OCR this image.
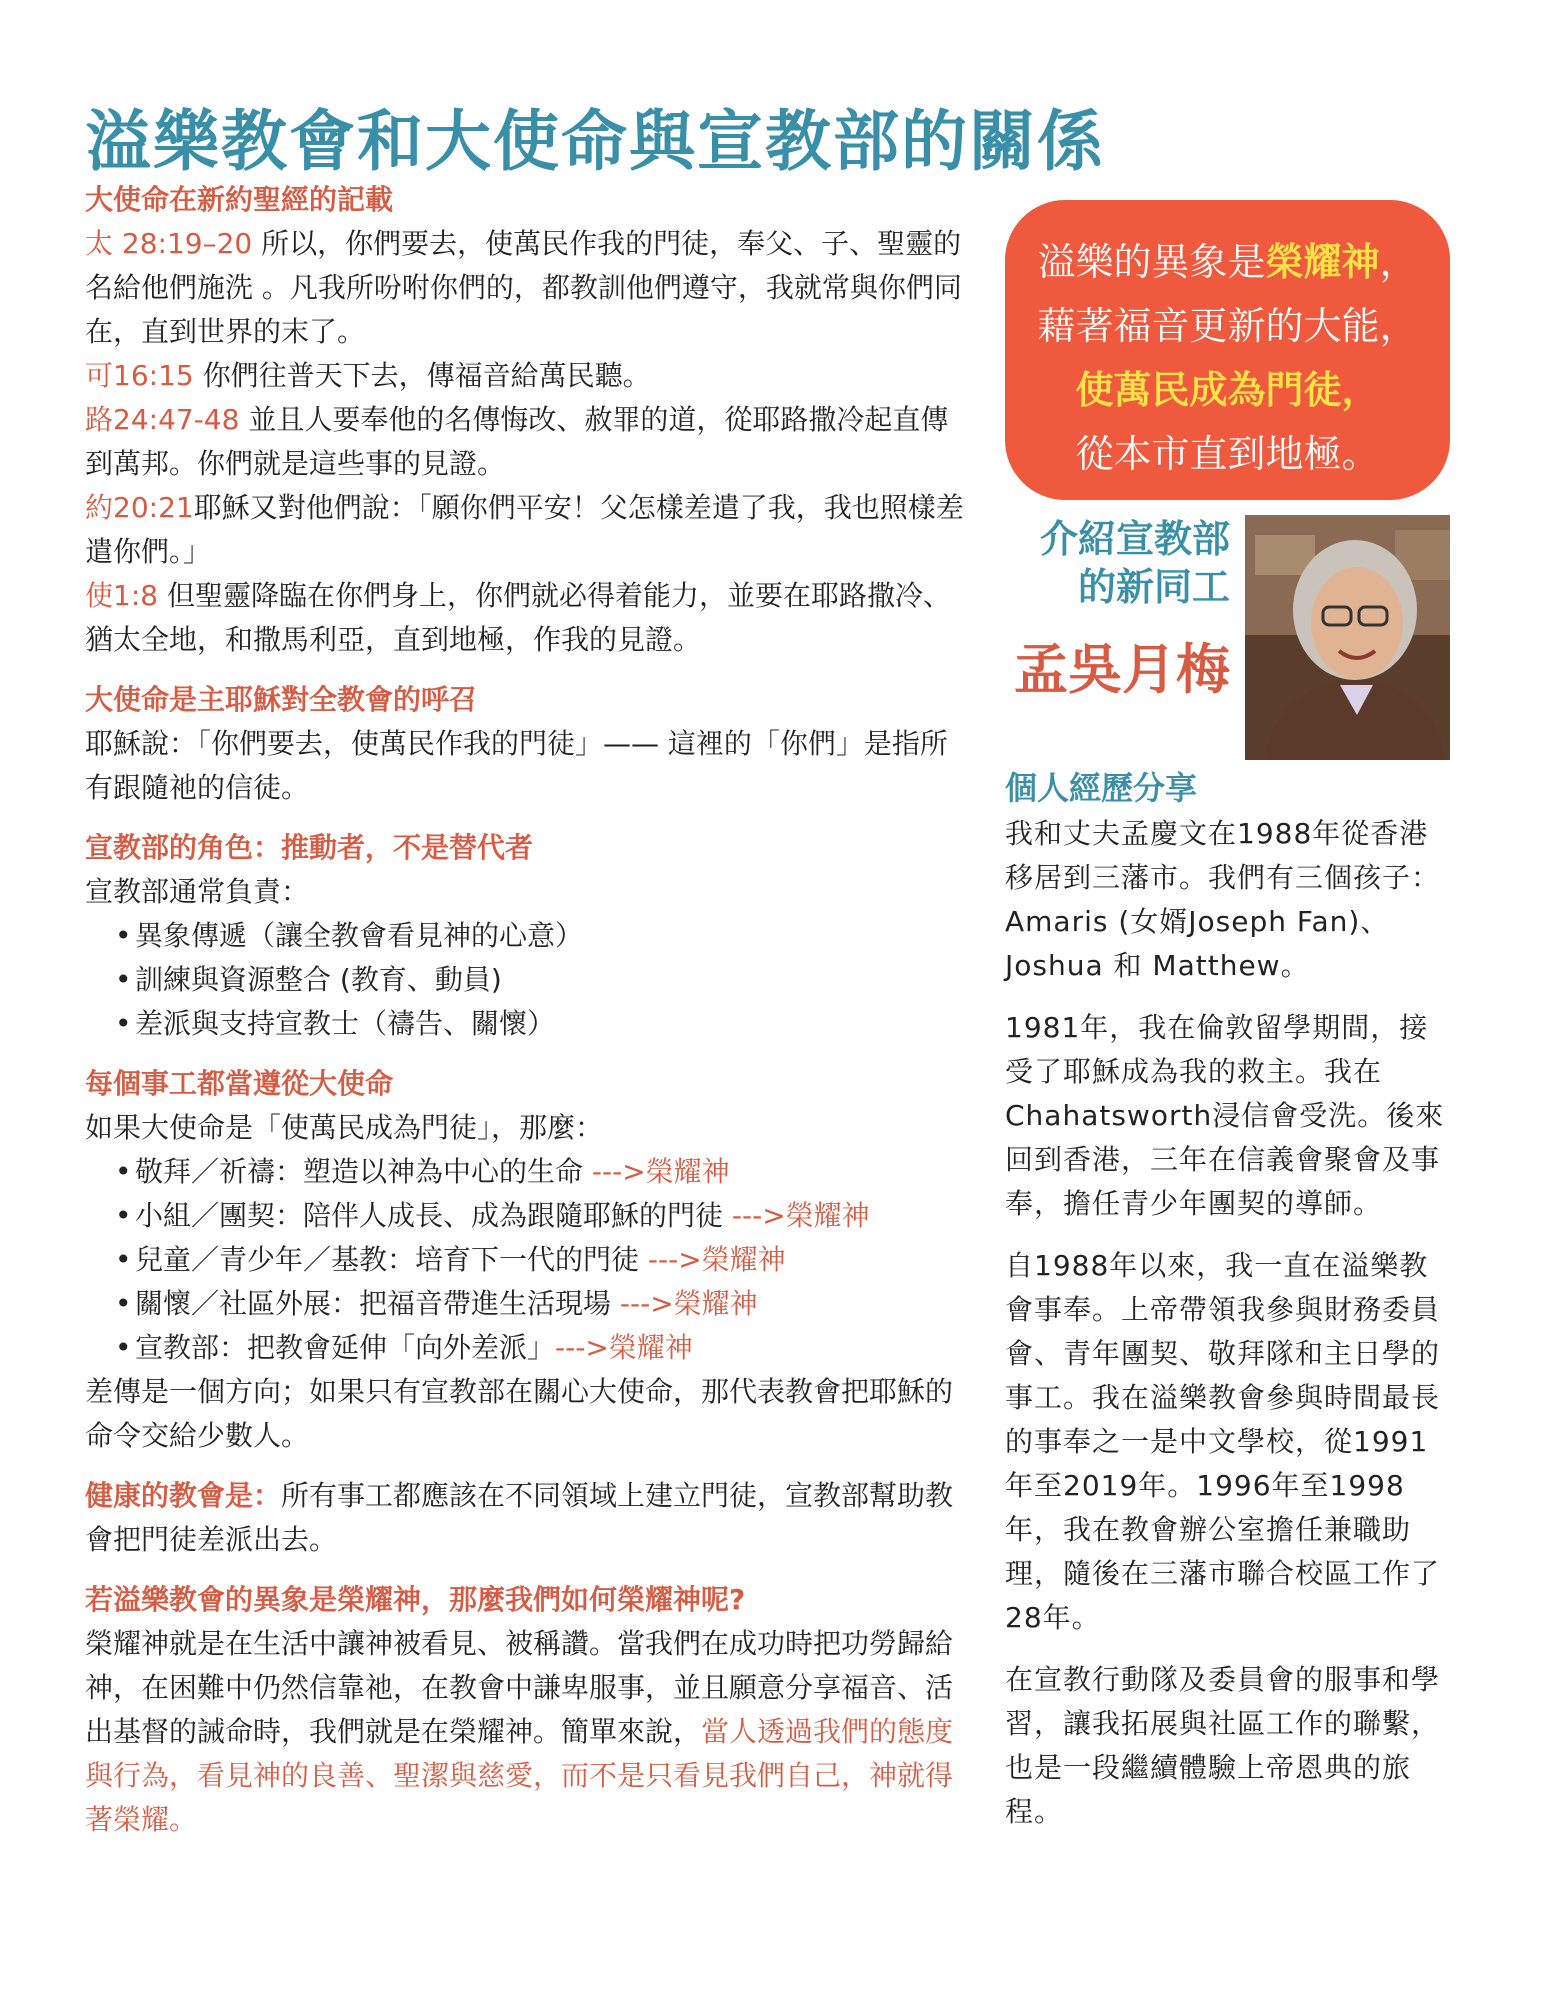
溢樂教會和大使命與宣教部的關係
大使命在新約聖經的記載
太 28:19–20 所以，你們要去，使萬民作我的門徒，奉父、子、聖靈的名給他們施洗 。凡我所吩咐你們的，都教訓他們遵守，我就常與你們同在，直到世界的末了。
可16:15 你們往普天下去，傳福音給萬民聽。
路24:47-48 並且人要奉他的名傳悔改、赦罪的道，從耶路撒冷起直傳到萬邦。你們就是這些事的見證。
約20:21耶穌又對他們說：「願你們平安！父怎樣差遣了我，我也照樣差遣你們。」
使1:8 但聖靈降臨在你們身上，你們就必得着能力，並要在耶路撒冷、猶太全地，和撒馬利亞，直到地極，作我的見證。
大使命是主耶穌對全教會的呼召
耶穌說：「你們要去，使萬民作我的門徒」—— 這裡的「你們」是指所有跟隨祂的信徒。
宣教部的角色：推動者，不是替代者
宣教部通常負責：
• 異象傳遞（讓全教會看見神的心意）
• 訓練與資源整合 (教育、動員)
• 差派與支持宣教士（禱告、關懷）
每個事工都當遵從大使命
如果大使命是「使萬民成為門徒」，那麼：
• 敬拜／祈禱：塑造以神為中心的生命 --->榮耀神
• 小組／團契：陪伴人成長、成為跟隨耶穌的門徒 --->榮耀神
• 兒童／青少年／基教：培育下一代的門徒 --->榮耀神
• 關懷／社區外展：把福音帶進生活現場 --->榮耀神
• 宣教部：把教會延伸「向外差派」--->榮耀神
差傳是一個方向；如果只有宣教部在關心大使命，那代表教會把耶穌的命令交給少數人。
健康的教會是：所有事工都應該在不同領域上建立門徒，宣教部幫助教會把門徒差派出去。
若溢樂教會的異象是榮耀神，那麼我們如何榮耀神呢?
榮耀神就是在生活中讓神被看見、被稱讚。當我們在成功時把功勞歸給神，在困難中仍然信靠祂，在教會中謙卑服事，並且願意分享福音、活出基督的誡命時，我們就是在榮耀神。簡單來說，當人透過我們的態度與行為，看見神的良善、聖潔與慈愛，而不是只看見我們自己，神就得著榮耀。
溢樂的異象是榮耀神，
藉著福音更新的大能，
使萬民成為門徒，
從本市直到地極。
介紹宣教部
的新同工
孟吳月梅
個人經歷分享
我和丈夫孟慶文在1988年從香港移居到三藩市。我們有三個孩子：Amaris (女婿Joseph Fan)、Joshua 和 Matthew。
1981年，我在倫敦留學期間，接受了耶穌成為我的救主。我在Chahatsworth浸信會受洗。後來回到香港，三年在信義會聚會及事奉，擔任青少年團契的導師。
自1988年以來，我一直在溢樂教會事奉。上帝帶領我參與財務委員會、青年團契、敬拜隊和主日學的事工。我在溢樂教會參與時間最長的事奉之一是中文學校，從1991年至2019年。1996年至1998年，我在教會辦公室擔任兼職助理，隨後在三藩市聯合校區工作了28年。
在宣教行動隊及委員會的服事和學習，讓我拓展與社區工作的聯繫，也是一段繼續體驗上帝恩典的旅程。
